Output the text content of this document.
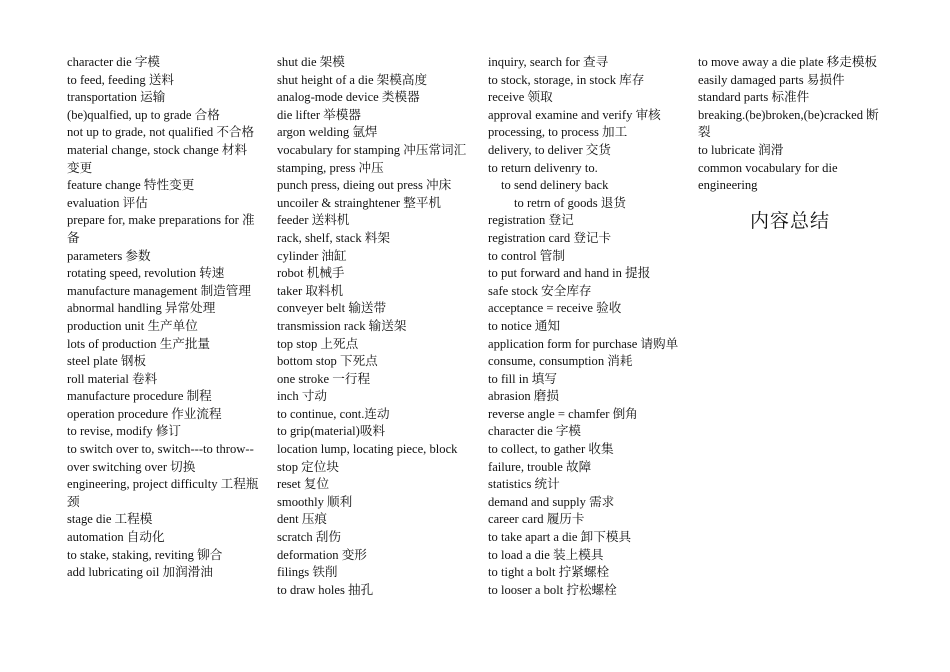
character die 字模

to feed, feeding 送料

transportation 运输

(be)qualfied, up to grade 合格

not up to grade, not qualified 不合格

material change, stock change 材料变更

feature change 特性变更

evaluation 评估

prepare for, make preparations for 准备

parameters 参数

rotating speed, revolution 转速

manufacture management 制造管理

abnormal handling 异常处理

production unit 生产单位

lots of production 生产批量

steel plate 钢板

roll material 卷料

manufacture procedure 制程

operation procedure 作业流程

to revise, modify 修订

to switch over to, switch---to throw--over switching over 切换

engineering, project difficulty 工程瓶颈

stage die 工程模

automation 自动化

to stake, staking, reviting 铆合

add lubricating oil 加润滑油

shut die 架模

shut height of a die 架模高度

analog-mode device 类模器

die lifter 举模器

argon welding 氩焊

vocabulary for stamping 冲压常词汇

stamping, press 冲压

punch press, dieing out press 冲床

uncoiler & strainghtener 整平机

feeder 送料机

rack, shelf, stack 料架

cylinder 油缸

robot 机械手

taker 取料机

conveyer belt 输送带

transmission rack 输送架

top stop 上死点

bottom stop 下死点

one stroke 一行程

inch 寸动

to continue, cont.连动

to grip(material)吸料

location lump, locating piece, block stop 定位块

reset 复位

smoothly 顺利

dent 压痕

scratch 刮伤

deformation 变形

filings 铁削

to draw holes 抽孔

inquiry, search for 查寻

to stock, storage, in stock 库存

receive 领取

approval examine and verify 审核

processing, to process 加工

delivery, to deliver 交货

to return delivenry to.

to send delinery back

to retrn of goods 退货

registration 登记

registration card 登记卡

to control 管制

to put forward and hand in 提报

safe stock 安全库存

acceptance = receive 验收

to notice 通知

application form for purchase 请购单

consume, consumption 消耗

to fill in 填写

abrasion 磨损

reverse angle = chamfer 倒角

character die 字模

to collect, to gather 收集

failure, trouble 故障

statistics 统计

demand and supply 需求

career card 履历卡

to take apart a die 卸下模具

to load a die 装上模具

to tight a bolt 拧紧螺栓

to looser a bolt 拧松螺栓

to move away a die plate 移走模板

easily damaged parts 易损件

standard parts 标准件

breaking.(be)broken,(be)cracked 断裂

to lubricate 润滑

common vocabulary for die engineering

内容总结
